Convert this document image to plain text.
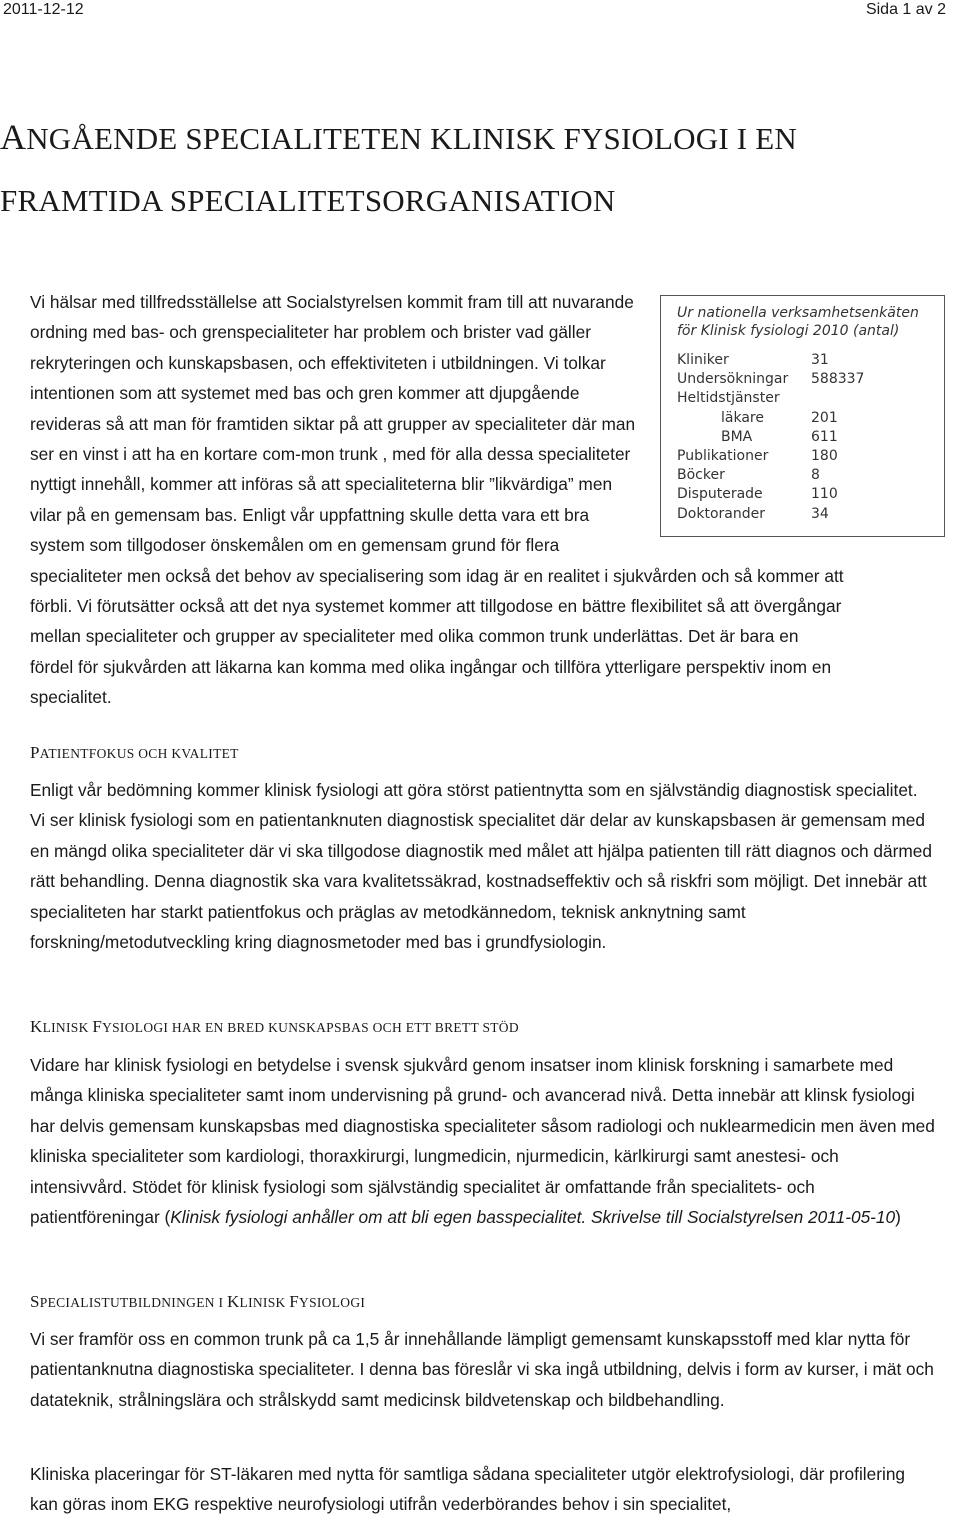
2011-12-12	Sida 1 av 2
ANGÅENDE SPECIALITETEN KLINISK FYSIOLOGI I EN
FRAMTIDA SPECIALITETSORGANISATION
Vi hälsar med tillfredsställelse att Socialstyrelsen kommit fram till att nuvarande ordning med bas- och grenspecialiteter har problem och brister vad gäller rekryteringen och kunskapsbasen, och effektiviteten i utbildningen. Vi tolkar intentionen som att systemet med bas och gren kommer att djupgående revideras så att man för framtiden siktar på att grupper av specialiteter där man ser en vinst i att ha en kortare com-mon trunk , med för alla dessa specialiteter nyttigt innehåll, kommer att införas så att specialiteterna blir ”likvärdiga” men vilar på en gemensam bas. Enligt vår uppfattning skulle detta vara ett bra system som tillgodoser önskemålen om en gemensam grund för flera specialiteter men också det behov av specialisering som idag är en realitet i sjukvården och så kommer att förbli. Vi förutsätter också att det nya systemet kommer att tillgodose en bättre flexibilitet så att övergångar mellan specialiteter och grupper av specialiteter med olika common trunk underlättas. Det är bara en fördel för sjukvården att läkarna kan komma med olika ingångar och tillföra ytterligare perspektiv inom en specialitet.
Ur nationella verksamhetsenkäten
för Klinisk fysiologi 2010 (antal)
Kliniker	31
Undersökningar	588337
Heltidstjänster
läkare	201
BMA	611
Publikationer	180
Böcker	8
Disputerade	110
Doktorander	34
PATIENTFOKUS OCH KVALITET

Enligt vår bedömning kommer klinisk fysiologi att göra störst patientnytta som en självständig diagnostisk specialitet. Vi ser klinisk fysiologi som en patientanknuten diagnostisk specialitet där delar av kunskapsbasen är gemensam med en mängd olika specialiteter där vi ska tillgodose diagnostik med målet att hjälpa patienten till rätt diagnos och därmed rätt behandling. Denna diagnostik ska vara kvalitetssäkrad, kostnadseffektiv och så riskfri som möjligt. Det innebär att specialiteten har starkt patientfokus och präglas av metodkännedom, teknisk anknytning samt forskning/metodutveckling kring diagnosmetoder med bas i grundfysiologin.

KLINISK FYSIOLOGI HAR EN BRED KUNSKAPSBAS OCH ETT BRETT STÖD

Vidare har klinisk fysiologi en betydelse i svensk sjukvård genom insatser inom klinisk forskning i samarbete med många kliniska specialiteter samt inom undervisning på grund- och avancerad nivå. Detta innebär att klinsk fysiologi har delvis gemensam kunskapsbas med diagnostiska specialiteter såsom radiologi och nuklearmedicin men även med kliniska specialiteter som kardiologi, thoraxkirurgi, lungmedicin, njurmedicin, kärlkirurgi samt anestesi- och intensivvård. Stödet för klinisk fysiologi som självständig specialitet är omfattande från specialitets- och patientföreningar (Klinisk fysiologi anhåller om att bli egen basspecialitet. Skrivelse till Socialstyrelsen 2011-05-10)

SPECIALISTUTBILDNINGEN I KLINISK FYSIOLOGI

Vi ser framför oss en common trunk på ca 1,5 år innehållande lämpligt gemensamt kunskapsstoff med klar nytta för patientanknutna diagnostiska specialiteter. I denna bas föreslår vi ska ingå utbildning, delvis i form av kurser, i mät och datateknik, strålningslära och strålskydd samt medicinsk bildvetenskap och bildbehandling.

Kliniska placeringar för ST-läkaren med nytta för samtliga sådana specialiteter utgör elektrofysiologi, där profilering kan göras inom EKG respektive neurofysiologi utifrån vederbörandes behov i sin specialitet,
